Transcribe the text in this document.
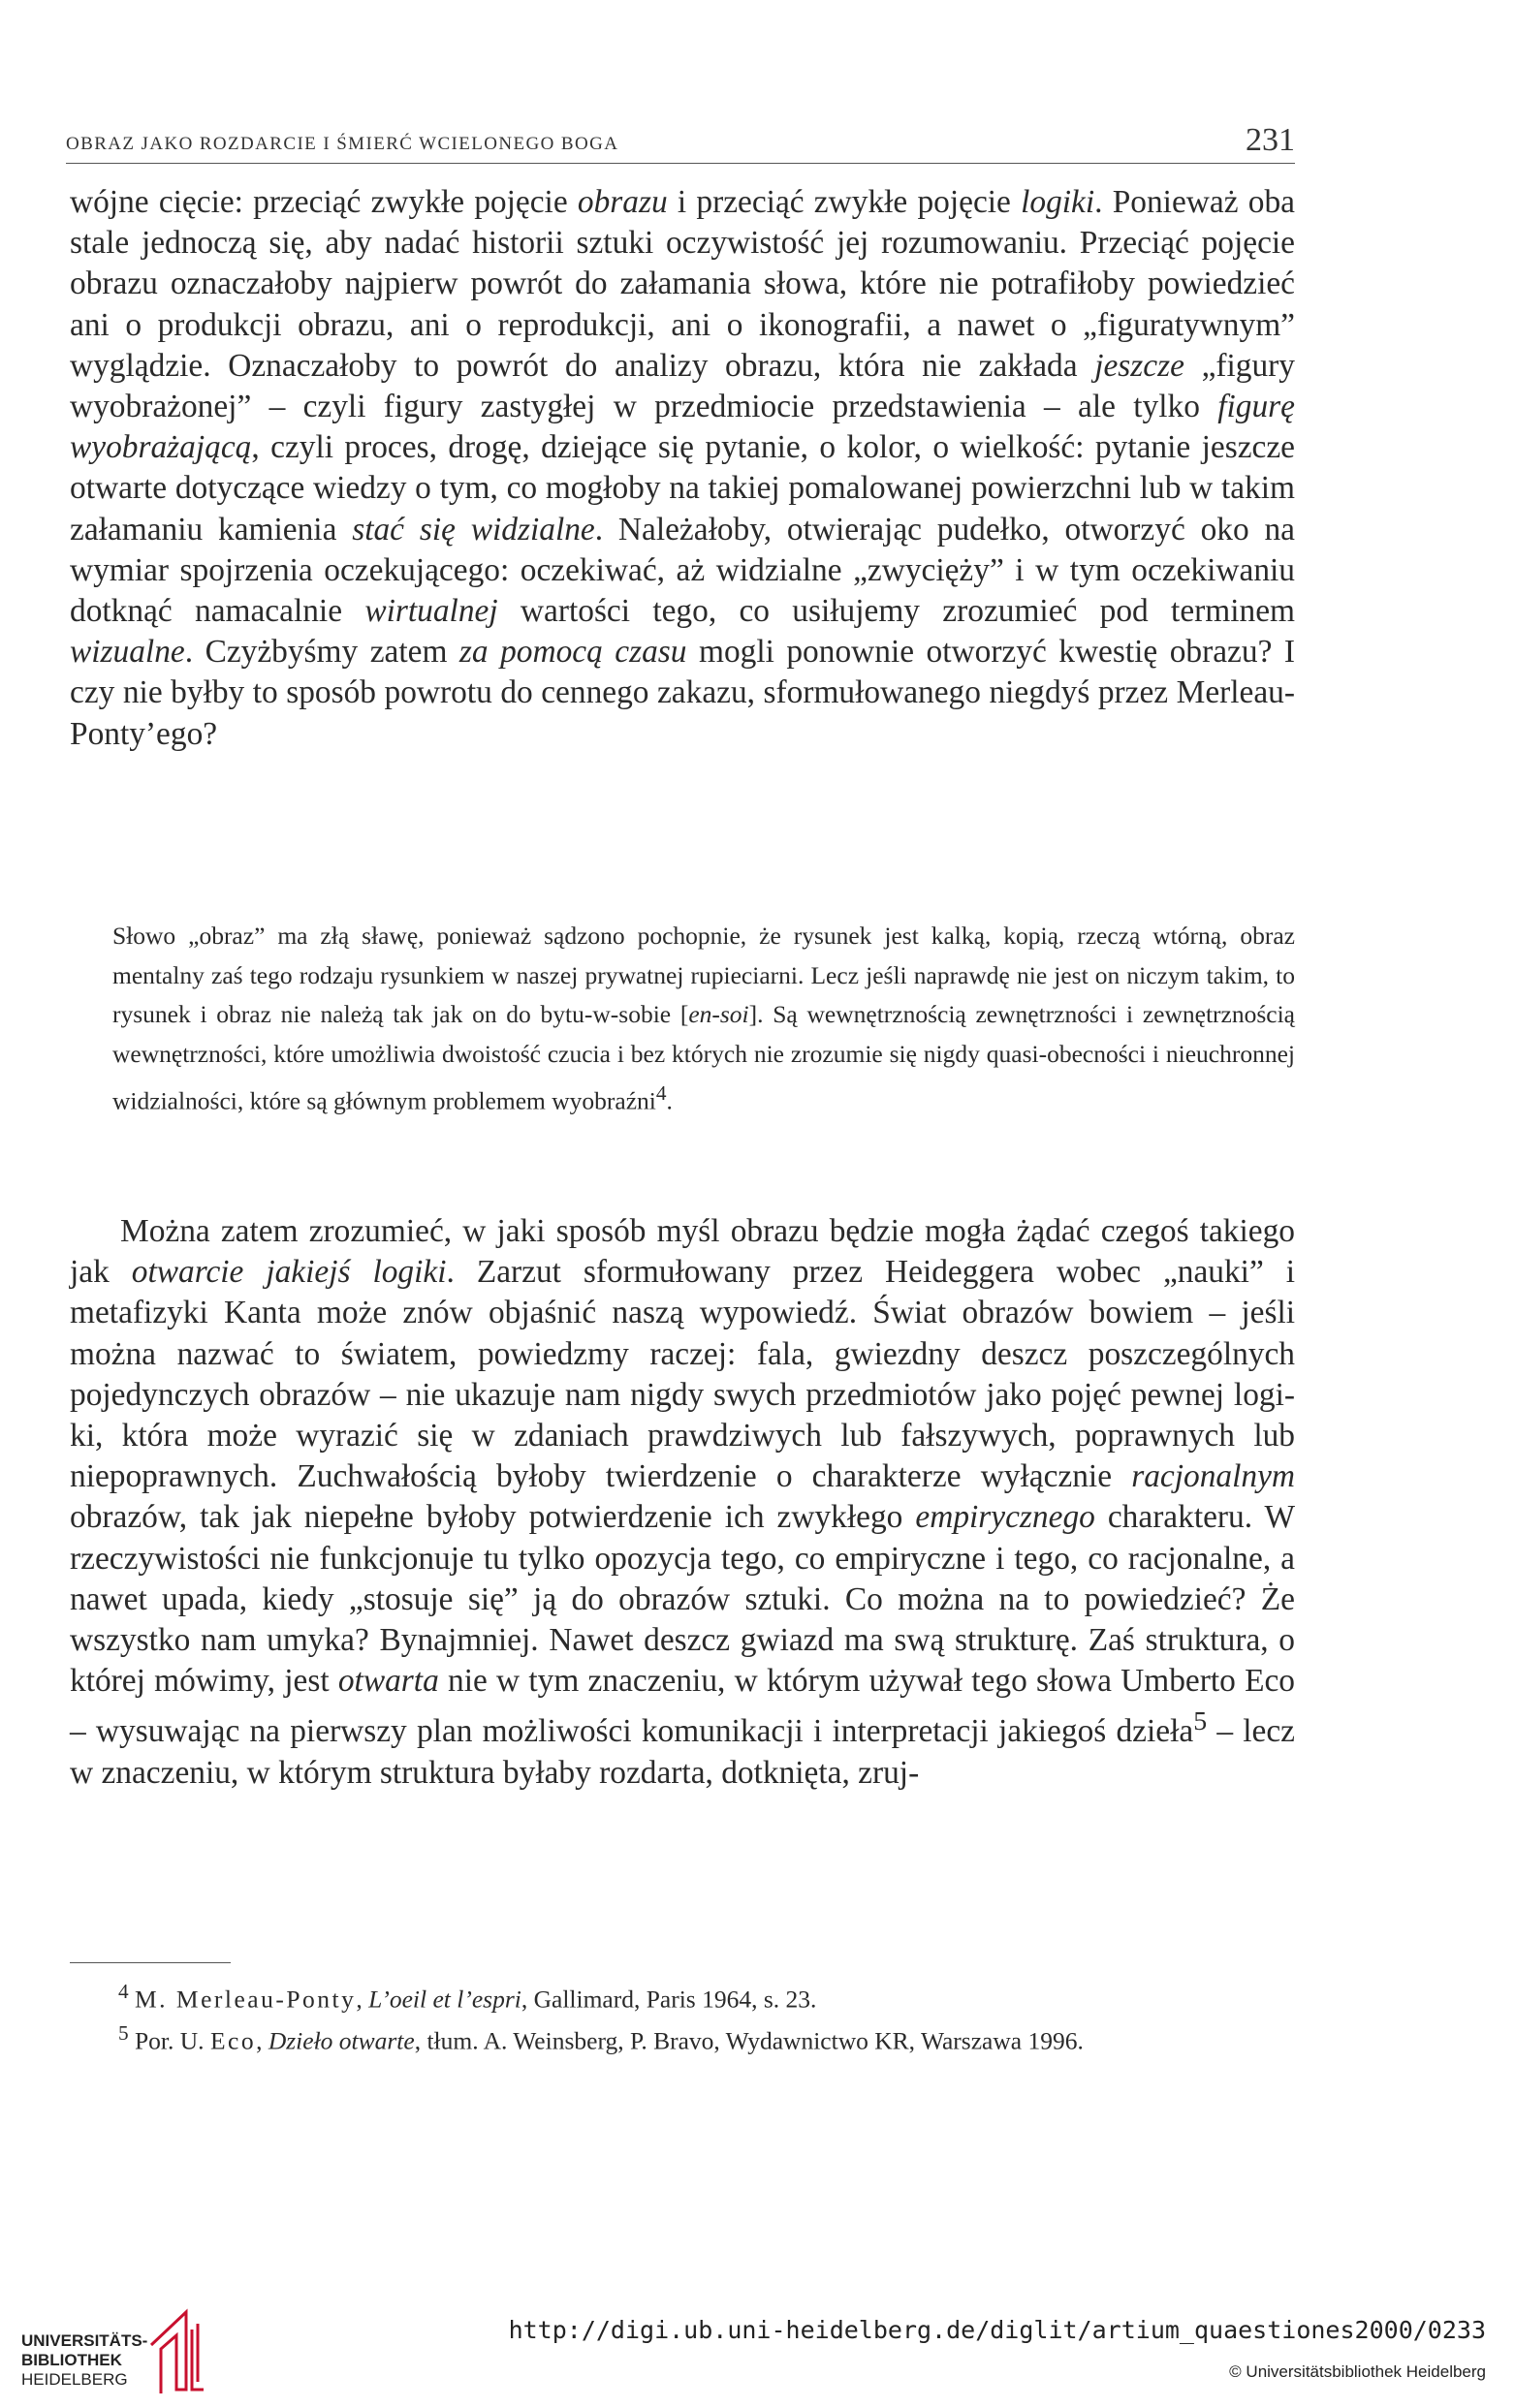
OBRAZ JAKO ROZDARCIE I ŚMIERĆ WCIELONEGO BOGA	231

wójne cięcie: przeciąć zwykłe pojęcie obrazu i przeciąć zwykłe pojęcie logiki. Ponieważ oba stale jednoczą się, aby nadać historii sztuki oczywistość jej rozumowaniu. Przeciąć pojęcie obrazu oznaczałoby najpierw powrót do załamania słowa, które nie potrafiłoby powiedzieć ani o produkcji obrazu, ani o reprodukcji, ani o ikonografii, a nawet o „figuratywnym” wyglądzie. Oznaczałoby to powrót do analizy obrazu, która nie zakłada jeszcze „figury wyobrażonej” – czyli figury zastygłej w przedmiocie przedstawienia – ale tylko figurę wyobrażającą, czyli proces, drogę, dziejące się pytanie, o kolor, o wielkość: pytanie jeszcze otwarte dotyczące wiedzy o tym, co mogłoby na takiej pomalowanej powierzchni lub w takim załamaniu kamienia stać się widzialne. Należałoby, otwierając pudełko, otworzyć oko na wymiar spojrzenia oczekującego: oczekiwać, aż widzialne „zwycięży” i w tym oczekiwaniu dotknąć namacalnie wirtualnej wartości tego, co usiłujemy zrozumieć pod terminem wizualne. Czyżbyśmy zatem za pomocą czasu mogli ponownie otworzyć kwestię obrazu? I czy nie byłby to sposób powrotu do cennego zakazu, sformułowanego niegdyś przez Merleau-Ponty’ego?

Słowo „obraz” ma złą sławę, ponieważ sądzono pochopnie, że rysunek jest kalką, kopią, rzeczą wtórną, obraz mentalny zaś tego rodzaju rysunkiem w naszej prywatnej rupieciarni. Lecz jeśli naprawdę nie jest on niczym takim, to rysunek i obraz nie należą tak jak on do bytu-w-sobie [en-soi]. Są wewnętrznością zewnętrzności i zewnętrznością wewnętrzności, które umożliwia dwoistość czucia i bez których nie zrozumie się nigdy quasi-obecności i nieuchronnej widzialności, które są głównym problemem wyobraźni$^4$.

Można zatem zrozumieć, w jaki sposób myśl obrazu będzie mogła żądać czegoś takiego jak otwarcie jakiejś logiki. Zarzut sformułowany przez Heideggera wobec „nauki” i metafizyki Kanta może znów objaśnić naszą wypowiedź. Świat obrazów bowiem – jeśli można nazwać to światem, powiedzmy raczej: fala, gwiezdny deszcz poszczególnych pojedynczych obrazów – nie ukazuje nam nigdy swych przedmiotów jako pojęć pewnej logiki, która może wyrazić się w zdaniach prawdziwych lub fałszywych, poprawnych lub niepoprawnych. Zuchwałością byłoby twierdzenie o charakterze wyłącznie racjonalnym obrazów, tak jak niepełne byłoby potwierdzenie ich zwykłego empirycznego charakteru. W rzeczywistości nie funkcjonuje tu tylko opozycja tego, co empiryczne i tego, co racjonalne, a nawet upada, kiedy „stosuje się” ją do obrazów sztuki. Co można na to powiedzieć? Że wszystko nam umyka? Bynajmniej. Nawet deszcz gwiazd ma swą strukturę. Zaś struktura, o której mówimy, jest otwarta nie w tym znaczeniu, w którym używał tego słowa Umberto Eco – wysuwając na pierwszy plan możliwości komunikacji i interpretacji jakiegoś dzieła$^5$ – lecz w znaczeniu, w którym struktura byłaby rozdarta, dotknięta, zruj-

$^4$ M. Merleau-Ponty, L’oeil et l’espri, Gallimard, Paris 1964, s. 23.

$^5$ Por. U. Eco, Dzieło otwarte, tłum. A. Weinsberg, P. Bravo, Wydawnictwo KR, Warszawa 1996.

UNIVERSITÄTS-
BIBLIOTHEK
HEIDELBERG
http://digi.ub.uni-heidelberg.de/diglit/artium_quaestiones2000/0233
© Universitätsbibliothek Heidelberg
